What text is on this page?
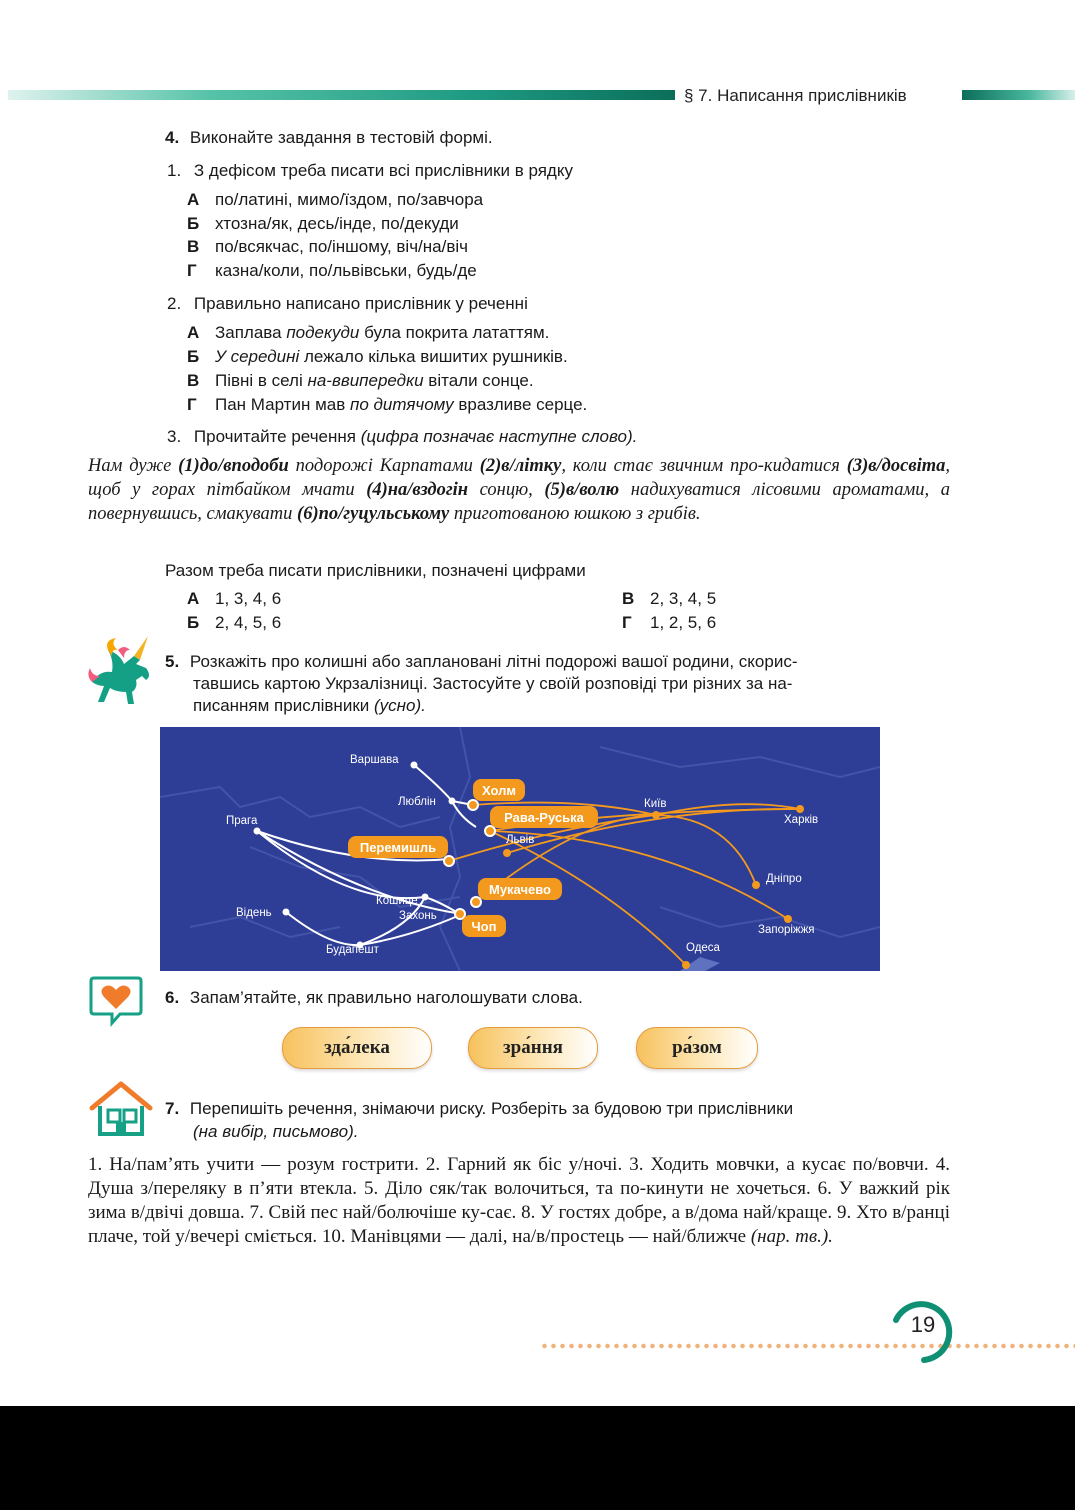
§ 7. Написання прислівників
4. Виконайте завдання в тестовій формі.
1. З дефісом треба писати всі прислівники в рядку
А по/латині, мимо/їздом, по/завчора
Б хтозна/як, десь/інде, по/декуди
В по/всякчас, по/іншому, віч/на/віч
Г казна/коли, по/львівськи, будь/де
2. Правильно написано прислівник у реченні
А Заплава подекуди була покрита лататтям.
Б У середині лежало кілька вишитих рушників.
В Півні в селі на-ввипередки вітали сонце.
Г Пан Мартин мав по дитячому вразливе серце.
3. Прочитайте речення (цифра позначає наступне слово).
Нам дуже (1)до/вподоби подорожі Карпатами (2)в/літку, коли стає звичним про-кидатися (3)в/досвіта, щоб у горах пітбайком мчати (4)на/вздогін сонцю, (5)в/волю надихуватися лісовими ароматами, а повернувшись, смакувати (6)по/гуцульському приготованою юшкою з грибів.
Разом треба писати прислівники, позначені цифрами
А 1, 3, 4, 6
Б 2, 4, 5, 6
В 2, 3, 4, 5
Г 1, 2, 5, 6
5. Розкажіть про колишні або заплановані літні подорожі вашої родини, скорис-
тавшись картою Укрзалізниці. Застосуйте у своїй розповіді три різних за на-
писанням прислівники (усно).
Холм
Рава-Руська
Перемишль
Мукачево
Чоп
Варшава
Люблін
Львів
Київ
Харків
Прага
Дніпро
Кошице
Захонь
Відень
Будапешт	Одеса
Запоріжжя
6. Запам’ятайте, як правильно наголошувати слова.
зда́лека	зра́ння	ра́зом
7. Перепишіть речення, знімаючи риску. Розберіть за будовою три прислівники
(на вибір, письмово).
1. На/пам’ять учити — розум гострити. 2. Гарний як біс у/ночі. 3. Ходить мовчки, а кусає по/вовчи. 4. Душа з/переляку в п’яти втекла. 5. Діло сяк/так волочиться, та по-кинути не хочеться. 6. У важкий рік зима в/двічі довша. 7. Свій пес най/болючіше ку-сає. 8. У гостях добре, а в/дома най/краще. 9. Хто в/ранці плаче, той у/вечері сміється. 10. Манівцями — далі, на/в/простець — най/ближче (нар. тв.).
19
